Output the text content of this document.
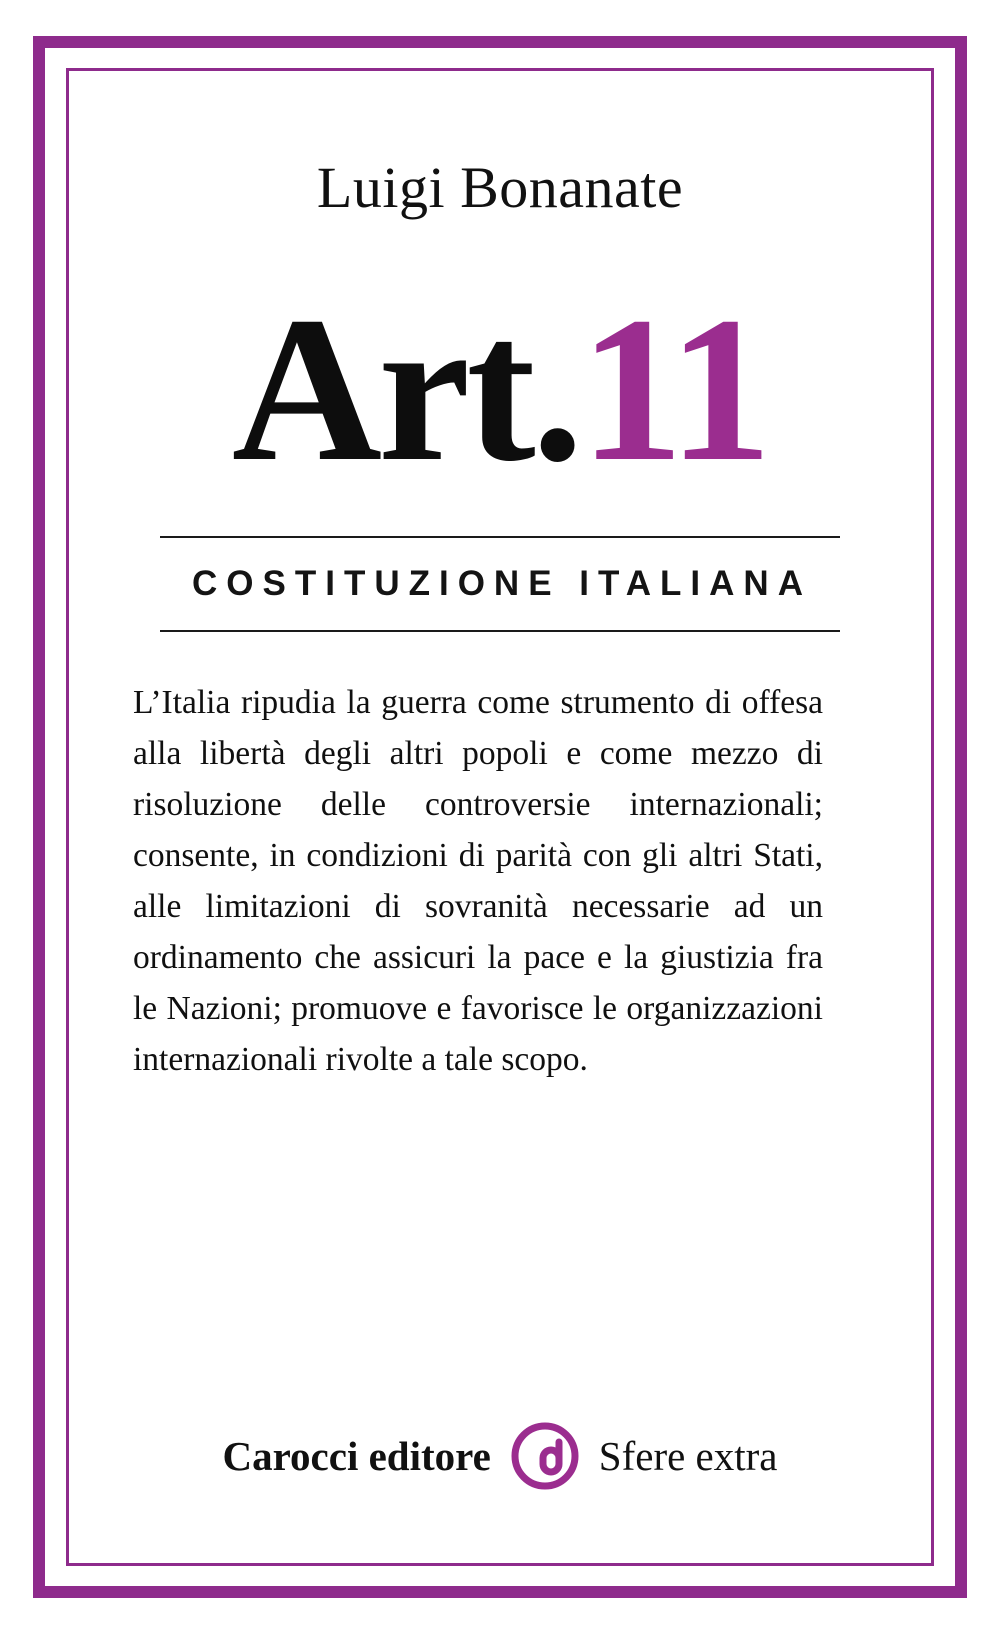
Luigi Bonanate
Art.11
COSTITUZIONE ITALIANA
L’Italia ripudia la guerra come strumento di offesa alla libertà degli altri popoli e come mezzo di risoluzione delle controversie internazionali; consente, in condizioni di parità con gli altri Stati, alle limitazioni di sovranità necessarie ad un ordinamento che assicuri la pace e la giustizia fra le Nazioni; promuove e favorisce le organizzazioni internazionali rivolte a tale scopo.
Carocci editore	Sfere extra
